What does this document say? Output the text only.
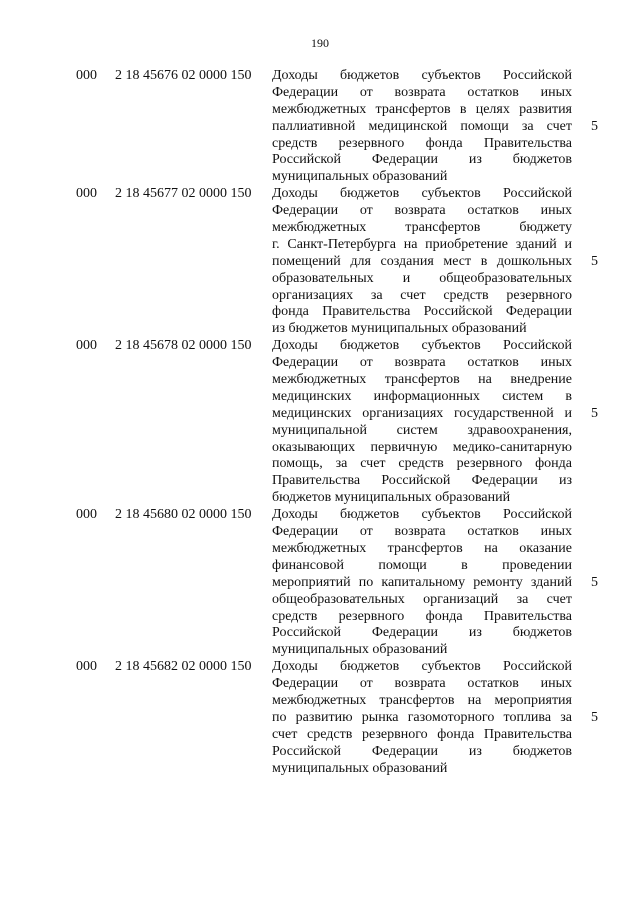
190
000 2 18 45676 02 0000 150 Доходы бюджетов субъектов Российской
Федерации от возврата остатков иных
межбюджетных трансфертов в целях развития
паллиативной медицинской помощи за счет
средств резервного фонда Правительства
Российской Федерации из бюджетов
муниципальных образований
5
000 2 18 45677 02 0000 150 Доходы бюджетов субъектов Российской
Федерации от возврата остатков иных
межбюджетных трансфертов бюджету
г. Санкт-Петербурга на приобретение зданий и
помещений для создания мест в дошкольных
образовательных и общеобразовательных
организациях за счет средств резервного
фонда Правительства Российской Федерации
из бюджетов муниципальных образований
5
000 2 18 45678 02 0000 150 Доходы бюджетов субъектов Российской
Федерации от возврата остатков иных
межбюджетных трансфертов на внедрение
медицинских информационных систем в
медицинских организациях государственной и
муниципальной систем здравоохранения,
оказывающих первичную медико-санитарную
помощь, за счет средств резервного фонда
Правительства Российской Федерации из
бюджетов муниципальных образований
5
000 2 18 45680 02 0000 150 Доходы бюджетов субъектов Российской
Федерации от возврата остатков иных
межбюджетных трансфертов на оказание
финансовой помощи в проведении
мероприятий по капитальному ремонту зданий
общеобразовательных организаций за счет
средств резервного фонда Правительства
Российской Федерации из бюджетов
муниципальных образований
5
000 2 18 45682 02 0000 150 Доходы бюджетов субъектов Российской
Федерации от возврата остатков иных
межбюджетных трансфертов на мероприятия
по развитию рынка газомоторного топлива за
счет средств резервного фонда Правительства
Российской Федерации из бюджетов
муниципальных образований
5
